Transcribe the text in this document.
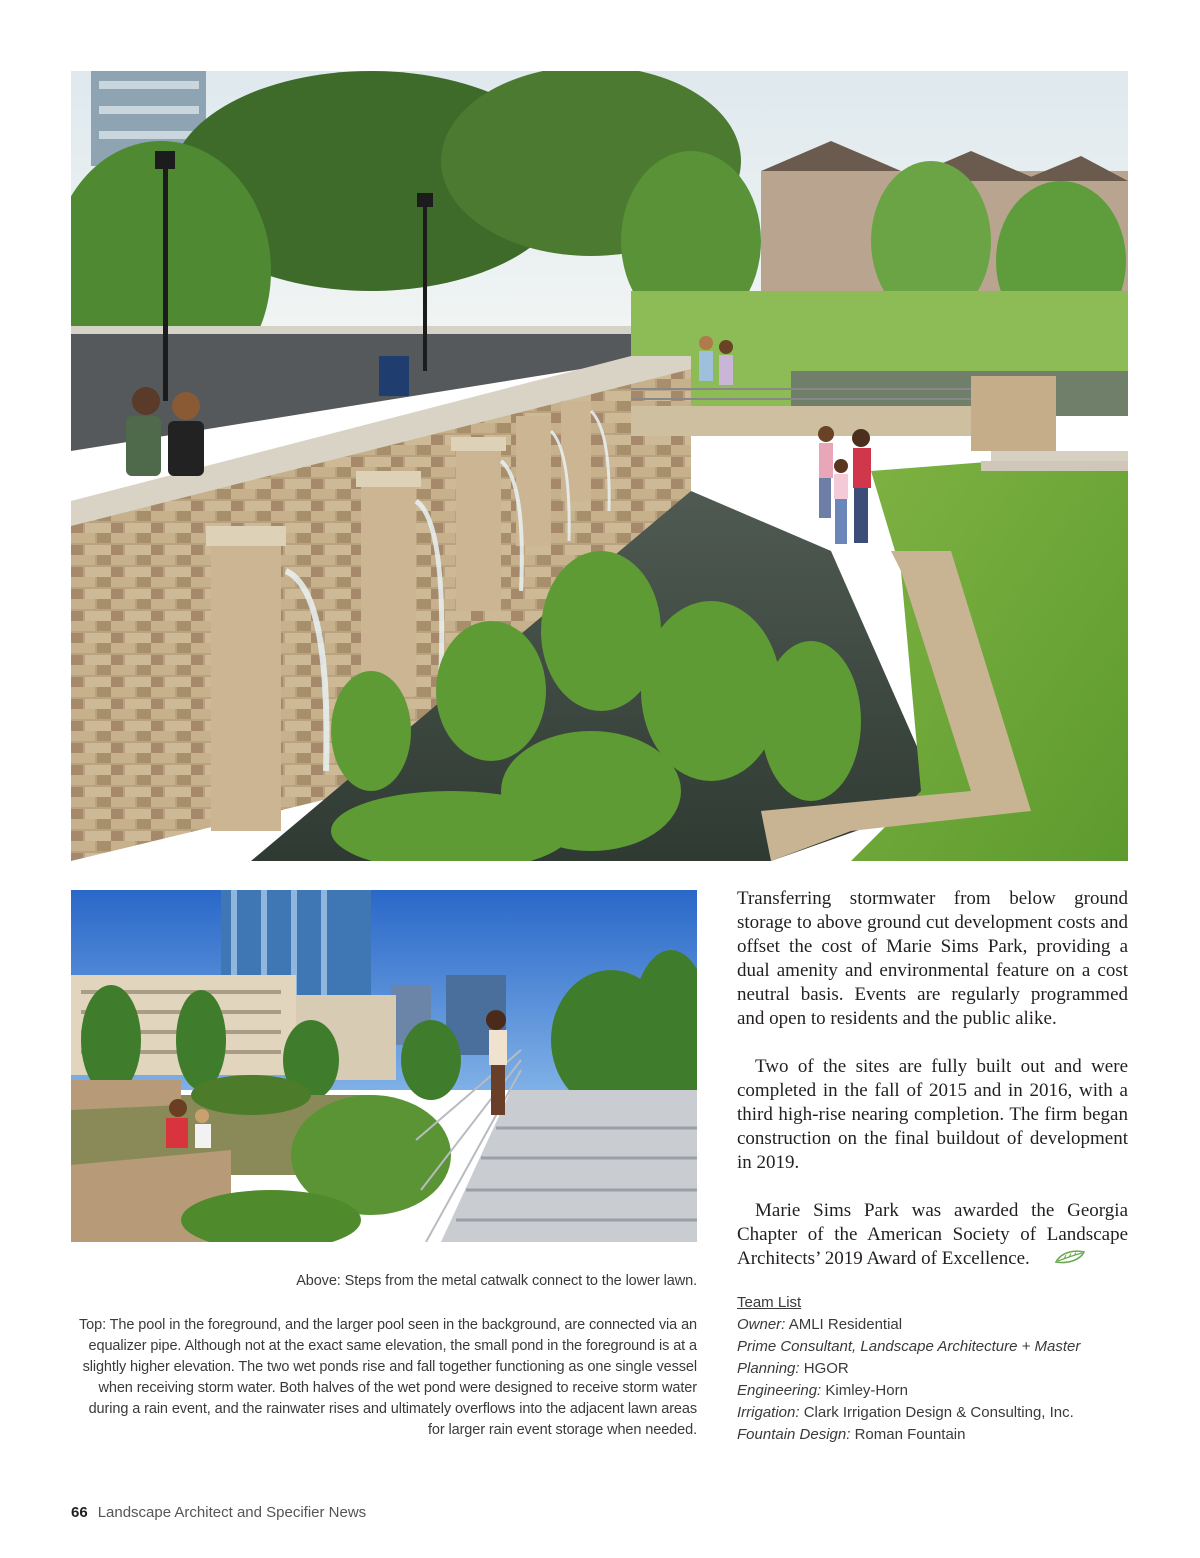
Above: Steps from the metal catwalk connect to the lower lawn.
Top: The pool in the foreground, and the larger pool seen in the background, are connected via an equalizer pipe. Although not at the exact same elevation, the small pond in the foreground is at a slightly higher elevation. The two wet ponds rise and fall together functioning as one single vessel when receiving storm water. Both halves of the wet pond were designed to receive storm water during a rain event, and the rainwater rises and ultimately overflows into the adjacent lawn areas for larger rain event storage when needed.

Transferring stormwater from below ground storage to above ground cut development costs and offset the cost of Marie Sims Park, providing a dual amenity and environmental feature on a cost neutral basis. Events are regularly programmed and open to residents and the public alike.

Two of the sites are fully built out and were completed in the fall of 2015 and in 2016, with a third high-rise nearing completion. The firm began construction on the final buildout of development in 2019.

Marie Sims Park was awarded the Georgia Chapter of the American Society of Landscape Architects’ 2019 Award of Excellence.

Team List
Owner: AMLI Residential
Prime Consultant, Landscape Architecture + Master
Planning: HGOR
Engineering: Kimley-Horn
Irrigation: Clark Irrigation Design & Consulting, Inc.
Fountain Design: Roman Fountain
66 Landscape Architect and Specifier News
